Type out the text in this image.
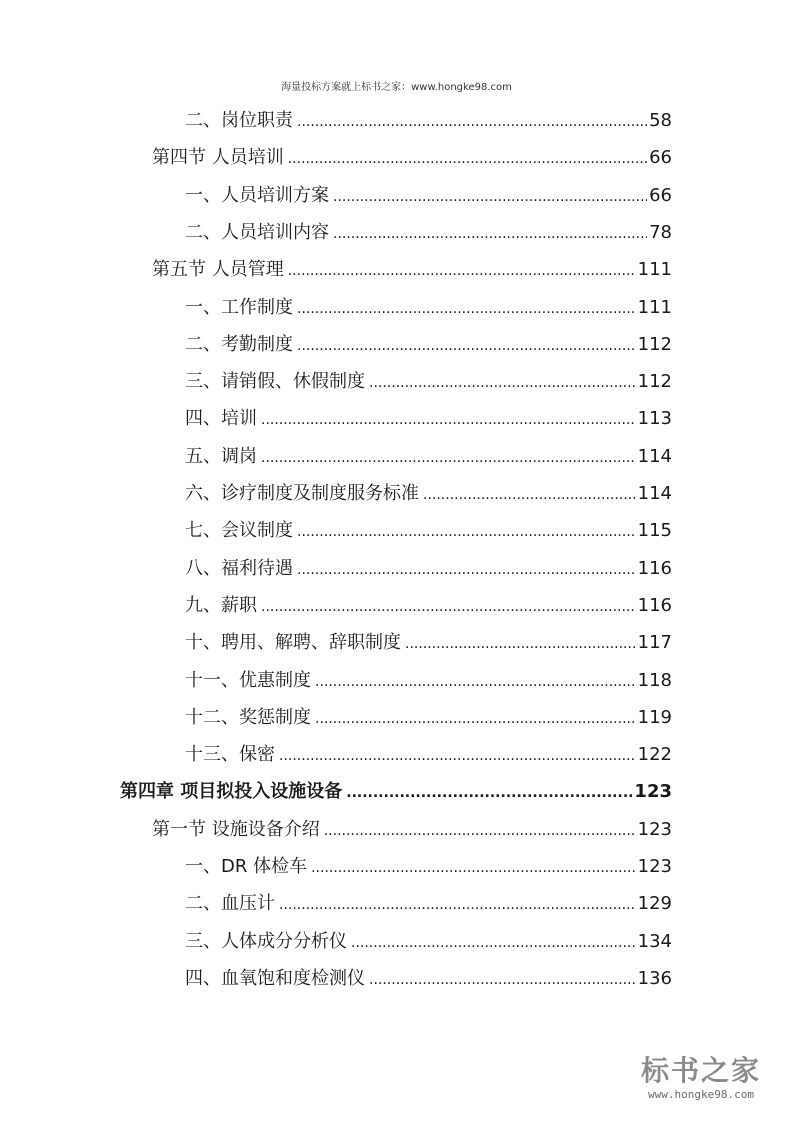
海量投标方案就上标书之家：www.hongke98.com
二、岗位职责 .....	58
第四节 人员培训 .....	66
一、人员培训方案 .....	66
二、人员培训内容 .....	78
第五节 人员管理 .....	111
一、工作制度 .....	111
二、考勤制度 .....	112
三、请销假、休假制度 .....	112
四、培训 .....	113
五、调岗 .....	114
六、诊疗制度及制度服务标准 .....	114
七、会议制度 .....	115
八、福利待遇 .....	116
九、薪职 .....	116
十、聘用、解聘、辞职制度 .....	117
十一、优惠制度 .....	118
十二、奖惩制度 .....	119
十三、保密 .....	122
第四章 项目拟投入设施设备 .....	123
第一节 设施设备介绍 .....	123
一、DR 体检车 .....	123
二、血压计 .....	129
三、人体成分分析仪 .....	134
四、血氧饱和度检测仪 .....	136
标书之家
www.hongke98.com
